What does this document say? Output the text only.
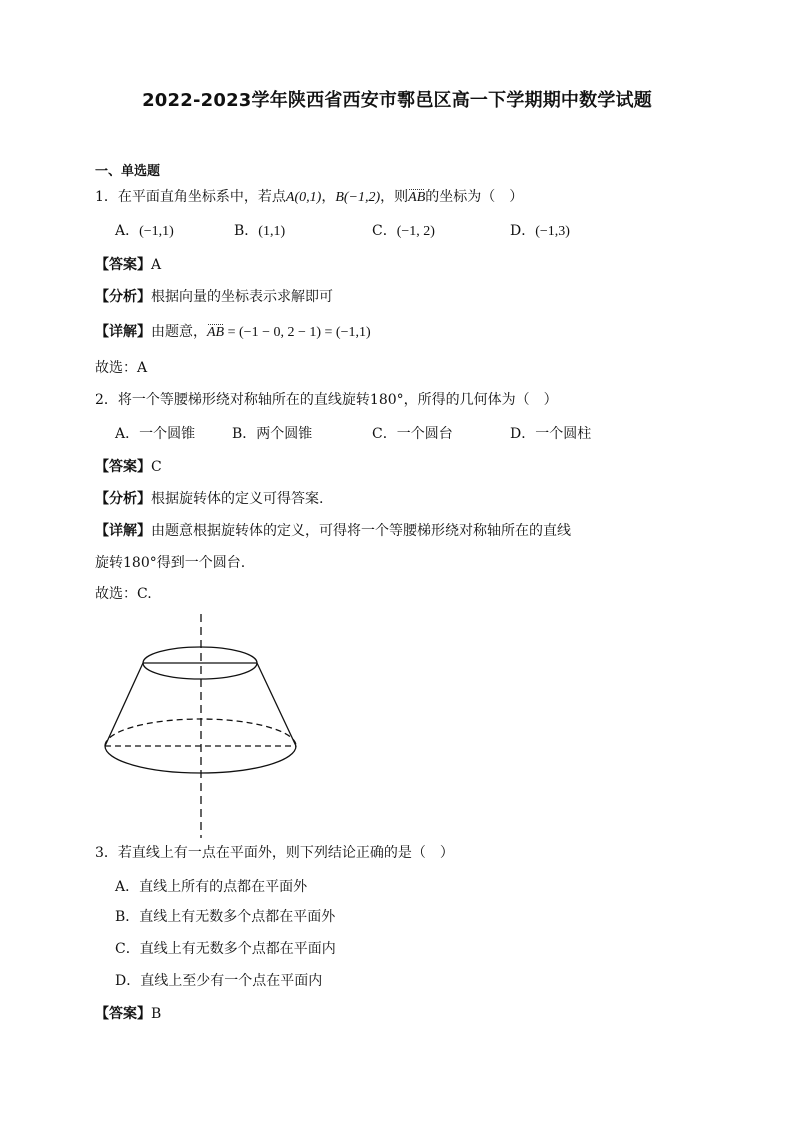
2022-2023学年陕西省西安市鄠邑区高一下学期期中数学试题
一、单选题
1．在平面直角坐标系中，若点A(0,1)，B(−1,2)，则AB的坐标为（　）
A．(−1,1)	B．(1,1)	C．(−1, 2)	D．(−1,3)
【答案】A
【分析】根据向量的坐标表示求解即可
【详解】由题意，AB = (−1 − 0, 2 − 1) = (−1,1)
故选：A
2．将一个等腰梯形绕对称轴所在的直线旋转180°，所得的几何体为（　）
A．一个圆锥	B．两个圆锥	C．一个圆台	D．一个圆柱
【答案】C
【分析】根据旋转体的定义可得答案.
【详解】由题意根据旋转体的定义，可得将一个等腰梯形绕对称轴所在的直线
旋转180°得到一个圆台.
故选：C.
3．若直线上有一点在平面外，则下列结论正确的是（　）
A．直线上所有的点都在平面外
B．直线上有无数多个点都在平面外
C．直线上有无数多个点都在平面内
D．直线上至少有一个点在平面内
【答案】B
